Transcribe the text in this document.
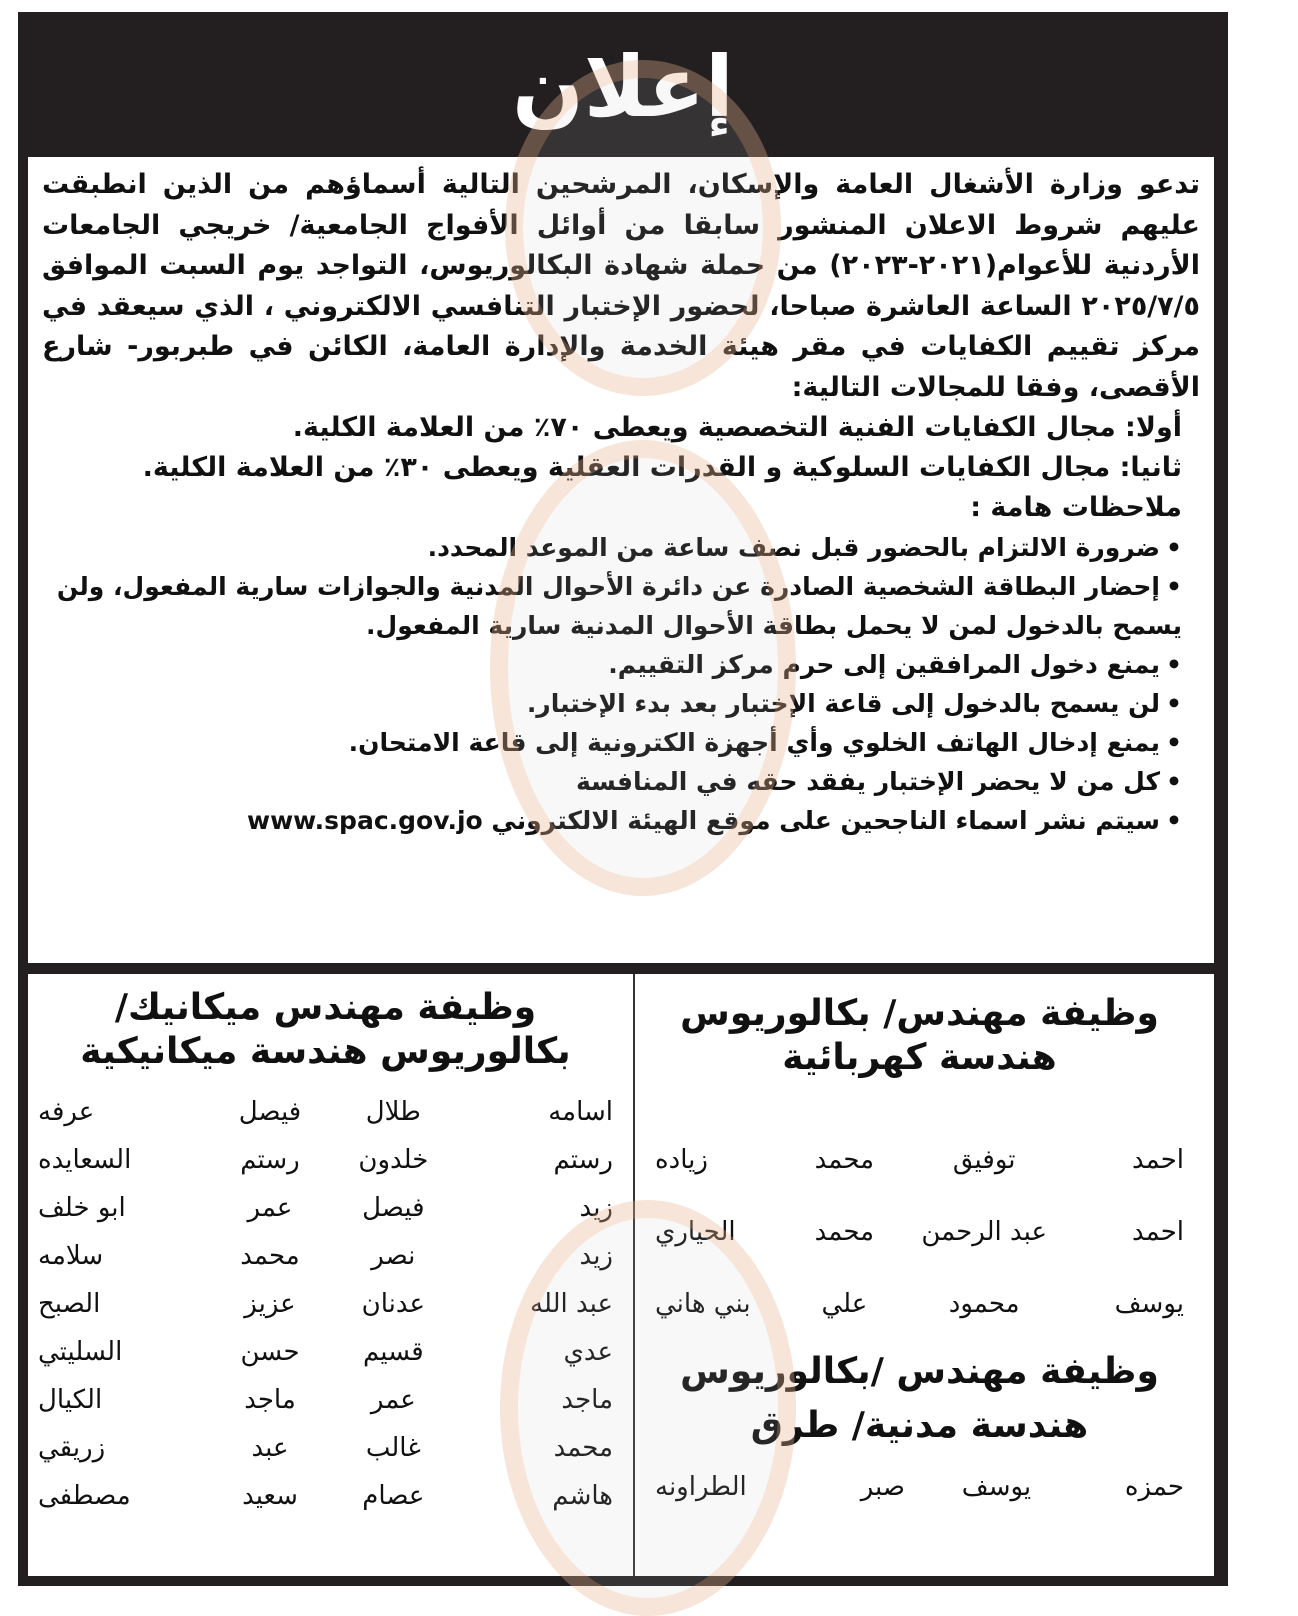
إعلان

تدعو وزارة الأشغال العامة والإسكان، المرشحين التالية أسماؤهم من الذين انطبقت عليهم شروط الاعلان المنشور سابقا من أوائل الأفواج الجامعية/ خريجي الجامعات الأردنية للأعوام(٢٠٢١-٢٠٢٣) من حملة شهادة البكالوريوس، التواجد يوم السبت الموافق ٢٠٢٥/٧/٥ الساعة العاشرة صباحا، لحضور الإختبار التنافسي الالكتروني ، الذي سيعقد في مركز تقييم الكفايات في مقر هيئة الخدمة والإدارة العامة، الكائن في طبربور- شارع الأقصى، وفقا للمجالات التالية:

أولا: مجال الكفايات الفنية التخصصية ويعطى ٧٠٪ من العلامة الكلية.

ثانيا: مجال الكفايات السلوكية و القدرات العقلية ويعطى ٣٠٪ من العلامة الكلية.

ملاحظات هامة :

•ضرورة الالتزام بالحضور قبل نصف ساعة من الموعد المحدد.

•إحضار البطاقة الشخصية الصادرة عن دائرة الأحوال المدنية والجوازات سارية المفعول، ولن يسمح بالدخول لمن لا يحمل بطاقة الأحوال المدنية سارية المفعول.

•يمنع دخول المرافقين إلى حرم مركز التقييم.

•لن يسمح بالدخول إلى قاعة الإختبار بعد بدء الإختبار.

•يمنع إدخال الهاتف الخلوي وأي أجهزة الكترونية إلى قاعة الامتحان.

•كل من لا يحضر الإختبار يفقد حقه في المنافسة

•سيتم نشر اسماء الناجحين على موقع الهيئة الالكتروني www.spac.gov.jo

وظيفة مهندس/ بكالوريوس

هندسة كهربائية

احمد	توفيق	محمد	زياده
احمد	عبد الرحمن	محمد	الحياري
يوسف	محمود	علي	بني هاني

وظيفة مهندس /بكالوريوس

هندسة مدنية/ طرق

حمزه	يوسف	صبر	الطراونه

وظيفة مهندس ميكانيك/

بكالوريوس هندسة ميكانيكية

اسامه	طلال	فيصل	عرفه
رستم	خلدون	رستم	السعايده
زيد	فيصل	عمر	ابو خلف
زيد	نصر	محمد	سلامه
عبد الله	عدنان	عزيز	الصبح
عدي	قسيم	حسن	السليتي
ماجد	عمر	ماجد	الكيال
محمد	غالب	عبد	زريقي
هاشم	عصام	سعيد	مصطفى
